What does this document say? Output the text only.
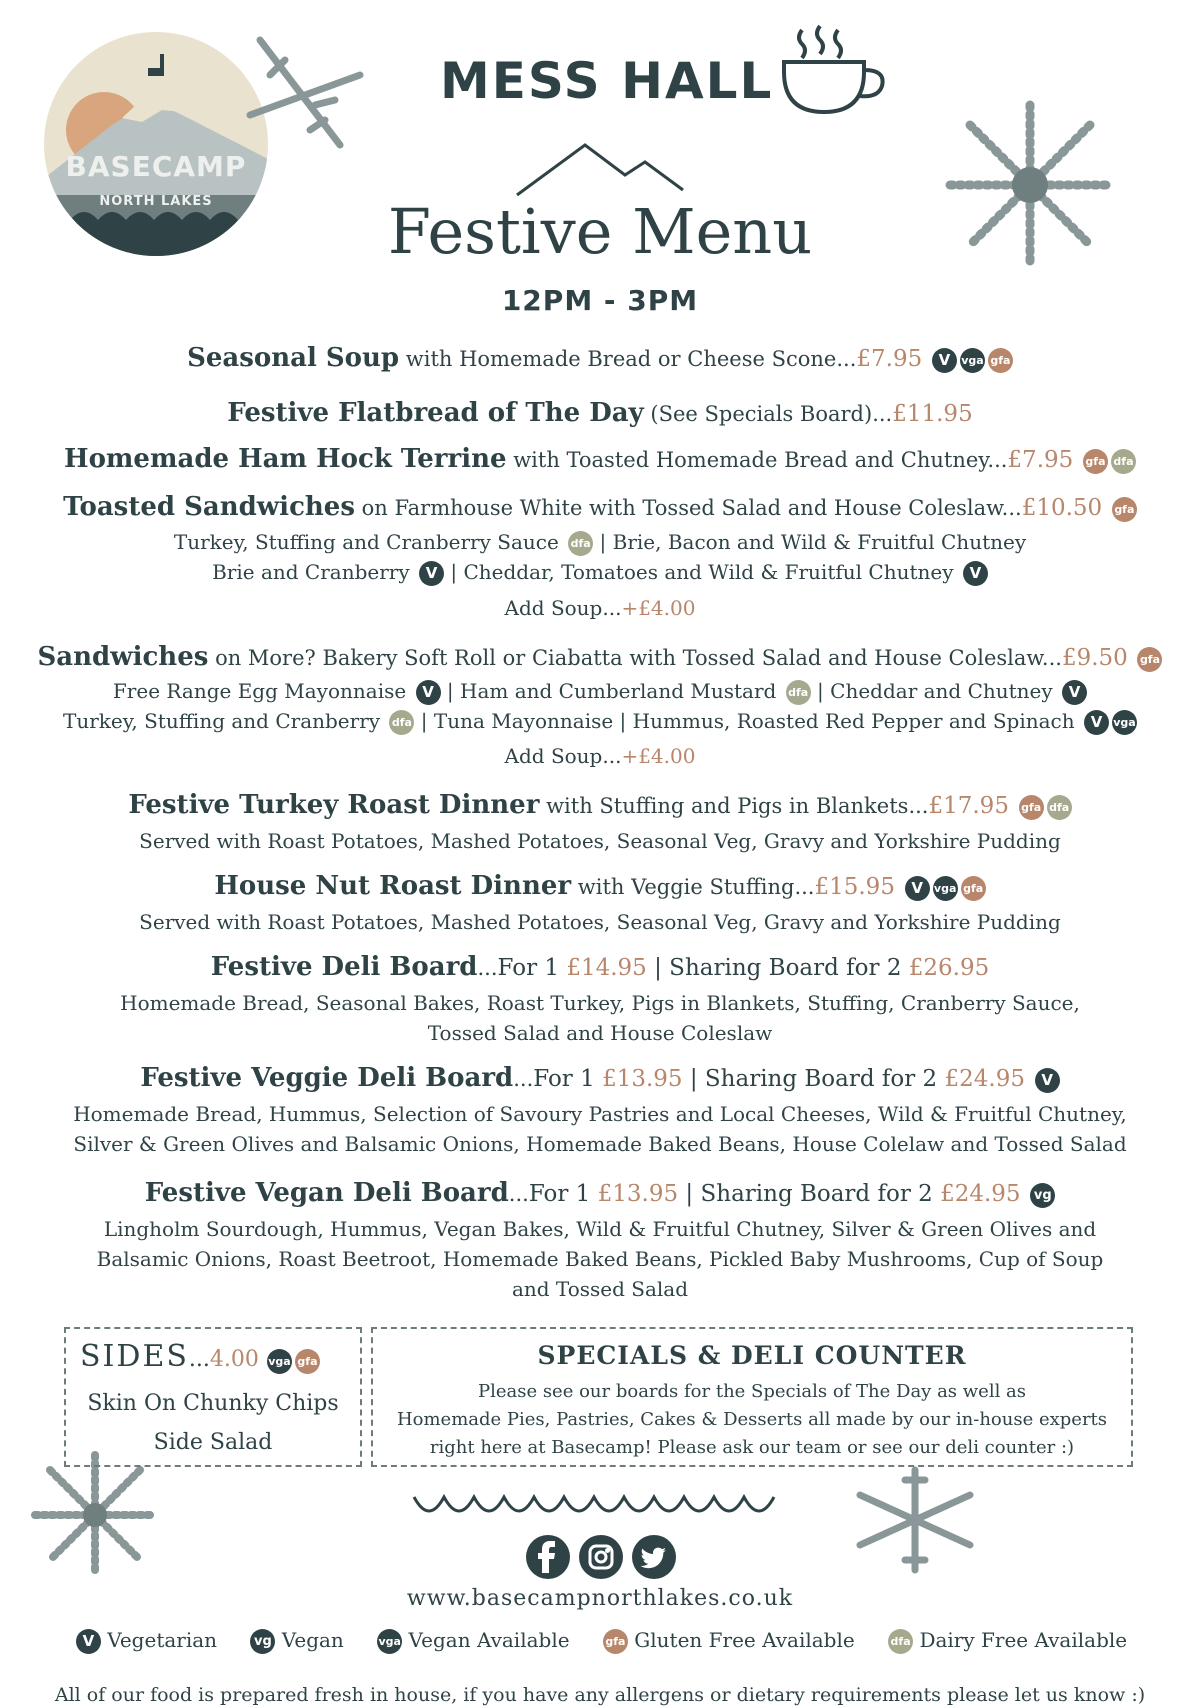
BASECAMP
NORTH LAKES
MESS HALL
Festive Menu
12PM - 3PM
Seasonal Soup with Homemade Bread or Cheese Scone...£7.95 V vga gfa
Festive Flatbread of The Day (See Specials Board)...£11.95
Homemade Ham Hock Terrine with Toasted Homemade Bread and Chutney...£7.95 gfa dfa
Toasted Sandwiches on Farmhouse White with Tossed Salad and House Coleslaw...£10.50 gfa
Turkey, Stuffing and Cranberry Sauce dfa | Brie, Bacon and Wild & Fruitful Chutney
Brie and Cranberry V | Cheddar, Tomatoes and Wild & Fruitful Chutney V
Add Soup...+£4.00
Sandwiches on More? Bakery Soft Roll or Ciabatta with Tossed Salad and House Coleslaw...£9.50 gfa
Free Range Egg Mayonnaise V | Ham and Cumberland Mustard dfa | Cheddar and Chutney V
Turkey, Stuffing and Cranberry dfa | Tuna Mayonnaise | Hummus, Roasted Red Pepper and Spinach V vga
Add Soup...+£4.00
Festive Turkey Roast Dinner with Stuffing and Pigs in Blankets...£17.95 gfa dfa
Served with Roast Potatoes, Mashed Potatoes, Seasonal Veg, Gravy and Yorkshire Pudding
House Nut Roast Dinner with Veggie Stuffing...£15.95 V vga gfa
Served with Roast Potatoes, Mashed Potatoes, Seasonal Veg, Gravy and Yorkshire Pudding
Festive Deli Board...For 1 £14.95 | Sharing Board for 2 £26.95
Homemade Bread, Seasonal Bakes, Roast Turkey, Pigs in Blankets, Stuffing, Cranberry Sauce,
Tossed Salad and House Coleslaw
Festive Veggie Deli Board...For 1 £13.95 | Sharing Board for 2 £24.95 V
Homemade Bread, Hummus, Selection of Savoury Pastries and Local Cheeses, Wild & Fruitful Chutney,
Silver & Green Olives and Balsamic Onions, Homemade Baked Beans, House Colelaw and Tossed Salad
Festive Vegan Deli Board...For 1 £13.95 | Sharing Board for 2 £24.95 vg
Lingholm Sourdough, Hummus, Vegan Bakes, Wild & Fruitful Chutney, Silver & Green Olives and
Balsamic Onions, Roast Beetroot, Homemade Baked Beans, Pickled Baby Mushrooms, Cup of Soup
and Tossed Salad
SIDES...4.00 vga gfa
Skin On Chunky Chips
Side Salad
SPECIALS & DELI COUNTER
Please see our boards for the Specials of The Day as well as
Homemade Pies, Pastries, Cakes & Desserts all made by our in-house experts
right here at Basecamp! Please ask our team or see our deli counter :)
www.basecampnorthlakes.co.uk
V Vegetarian	vg Vegan	vga Vegan Available	gfa Gluten Free Available	dfa Dairy Free Available
All of our food is prepared fresh in house, if you have any allergens or dietary requirements please let us know :)
